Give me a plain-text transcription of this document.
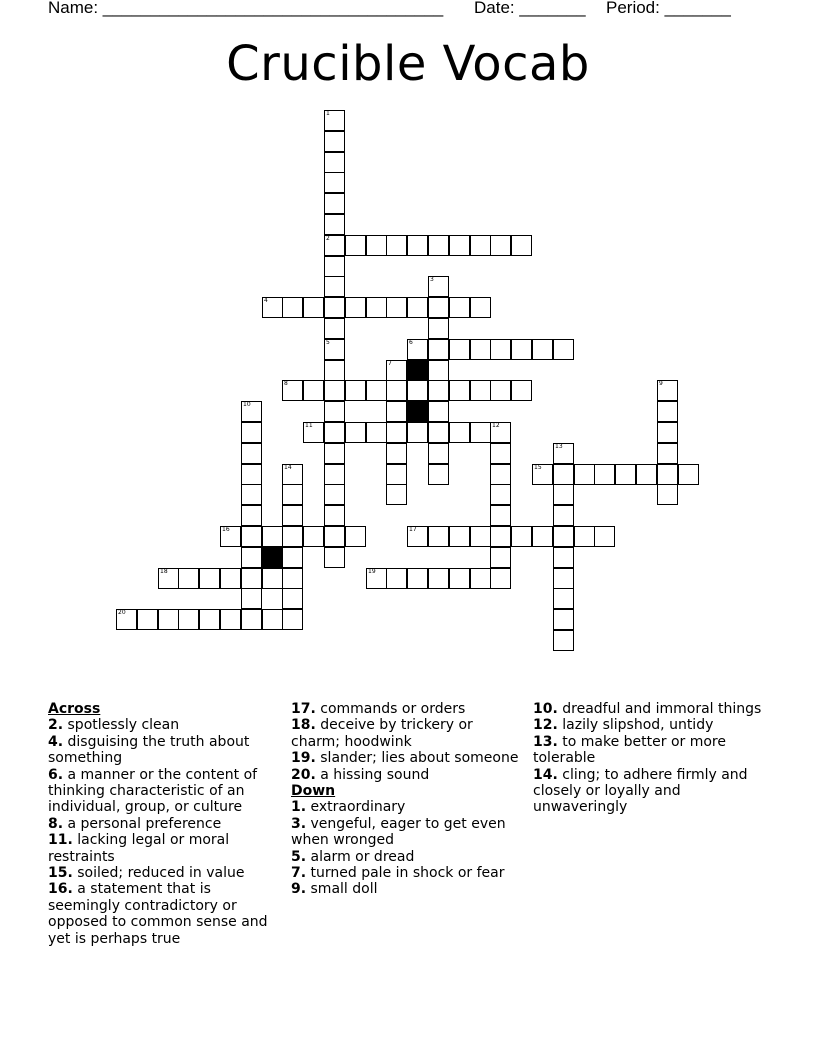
Name: ____________________________________

Date: _______

Period: _______

Crucible Vocab
2
4
6
8
11	12
15
16	17
18	19
20
1
3
5
7
9
10
13
14
Across
2. spotlessly clean
4. disguising the truth about something
6. a manner or the content of thinking characteristic of an individual, group, or culture
8. a personal preference
11. lacking legal or moral restraints
15. soiled; reduced in value
16. a statement that is seemingly contradictory or opposed to common sense and yet is perhaps true
17. commands or orders
18. deceive by trickery or charm; hoodwink
19. slander; lies about someone
20. a hissing sound
Down
1. extraordinary
3. vengeful, eager to get even when wronged
5. alarm or dread
7. turned pale in shock or fear
9. small doll
10. dreadful and immoral things
12. lazily slipshod, untidy
13. to make better or more tolerable
14. cling; to adhere firmly and closely or loyally and unwaveringly
